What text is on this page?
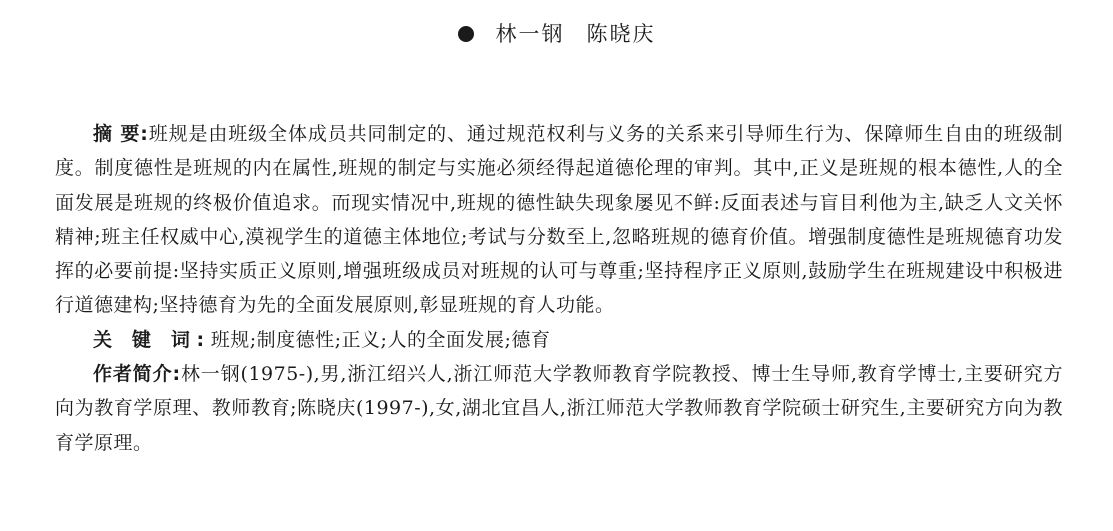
林一钢 陈晓庆

摘 要:班规是由班级全体成员共同制定的、通过规范权利与义务的关系来引导师生行为、保障师生自由的班级制度。制度德性是班规的内在属性,班规的制定与实施必须经得起道德伦理的审判。其中,正义是班规的根本德性,人的全面发展是班规的终极价值追求。而现实情况中,班规的德性缺失现象屡见不鲜:反面表述与盲目利他为主,缺乏人文关怀精神;班主任权威中心,漠视学生的道德主体地位;考试与分数至上,忽略班规的德育价值。增强制度德性是班规德育功发挥的必要前提:坚持实质正义原则,增强班级成员对班规的认可与尊重;坚持程序正义原则,鼓励学生在班规建设中积极进行道德建构;坚持德育为先的全面发展原则,彰显班规的育人功能。

关 键 词:班规;制度德性;正义;人的全面发展;德育

作者简介:林一钢(1975-),男,浙江绍兴人,浙江师范大学教师教育学院教授、博士生导师,教育学博士,主要研究方向为教育学原理、教师教育;陈晓庆(1997-),女,湖北宜昌人,浙江师范大学教师教育学院硕士研究生,主要研究方向为教育学原理。
